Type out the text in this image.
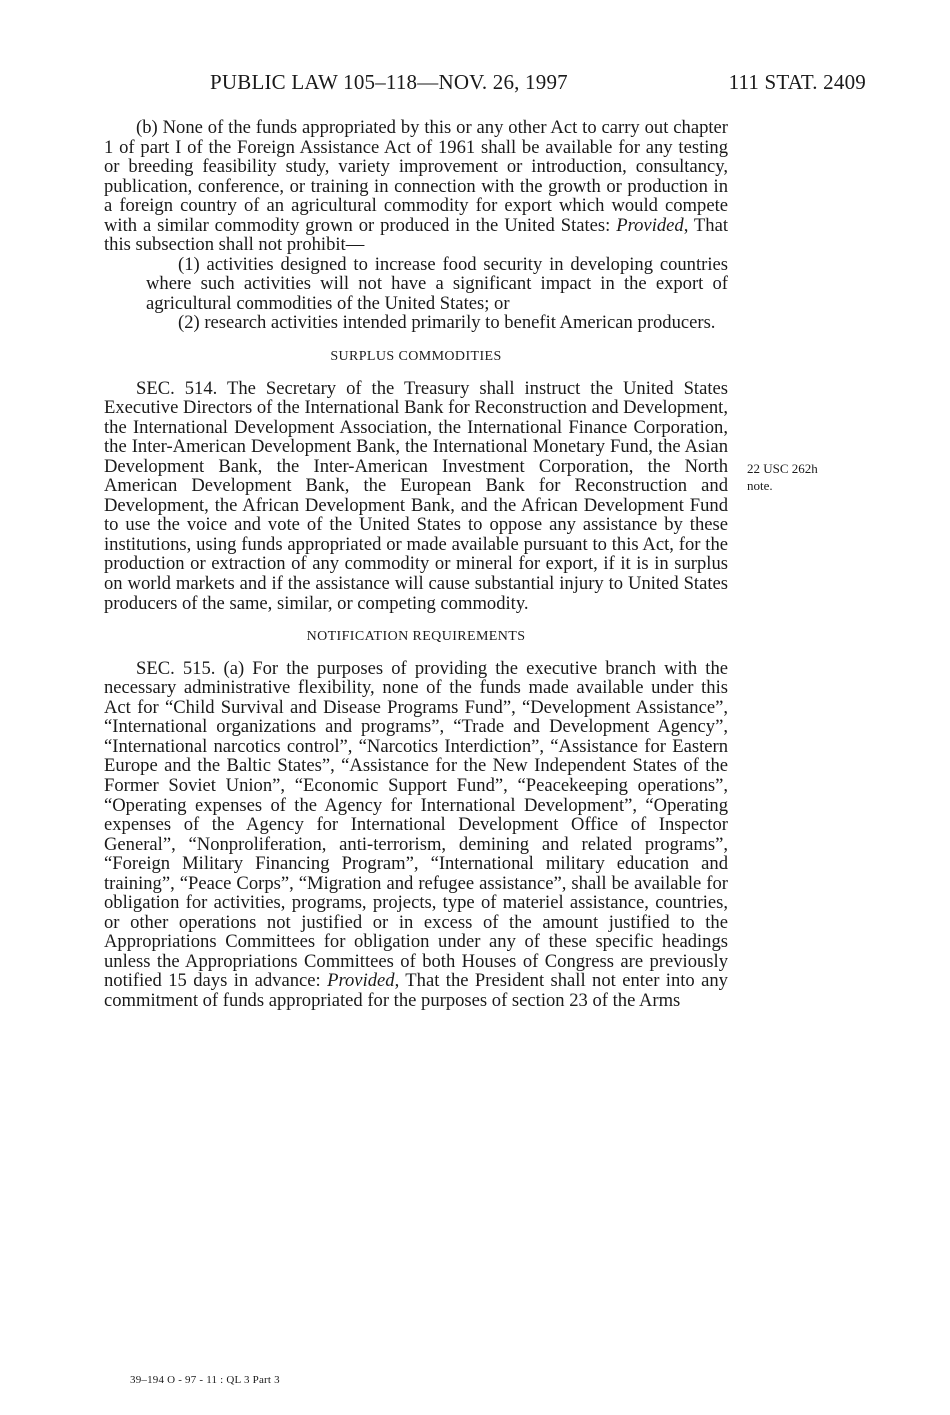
PUBLIC LAW 105–118—NOV. 26, 1997	111 STAT. 2409

(b) None of the funds appropriated by this or any other Act to carry out chapter 1 of part I of the Foreign Assistance Act of 1961 shall be available for any testing or breeding feasibility study, variety improvement or introduction, consultancy, publication, conference, or training in connection with the growth or production in a foreign country of an agricultural commodity for export which would compete with a similar commodity grown or produced in the United States: Provided, That this subsection shall not prohibit—

(1) activities designed to increase food security in developing countries where such activities will not have a significant impact in the export of agricultural commodities of the United States; or

(2) research activities intended primarily to benefit American producers.

SURPLUS COMMODITIES

SEC. 514. The Secretary of the Treasury shall instruct the United States Executive Directors of the International Bank for Reconstruction and Development, the International Development Association, the International Finance Corporation, the Inter-American Development Bank, the International Monetary Fund, the Asian Development Bank, the Inter-American Investment Corporation, the North American Development Bank, the European Bank for Reconstruction and Development, the African Development Bank, and the African Development Fund to use the voice and vote of the United States to oppose any assistance by these institutions, using funds appropriated or made available pursuant to this Act, for the production or extraction of any commodity or mineral for export, if it is in surplus on world markets and if the assistance will cause substantial injury to United States producers of the same, similar, or competing commodity.

NOTIFICATION REQUIREMENTS

SEC. 515. (a) For the purposes of providing the executive branch with the necessary administrative flexibility, none of the funds made available under this Act for “Child Survival and Disease Programs Fund”, “Development Assistance”, “International organizations and programs”, “Trade and Development Agency”, “International narcotics control”, “Narcotics Interdiction”, “Assistance for Eastern Europe and the Baltic States”, “Assistance for the New Independent States of the Former Soviet Union”, “Economic Support Fund”, “Peacekeeping operations”, “Operating expenses of the Agency for International Development”, “Operating expenses of the Agency for International Development Office of Inspector General”, “Nonproliferation, anti-terrorism, demining and related programs”, “Foreign Military Financing Program”, “International military education and training”, “Peace Corps”, “Migration and refugee assistance”, shall be available for obligation for activities, programs, projects, type of materiel assistance, countries, or other operations not justified or in excess of the amount justified to the Appropriations Committees for obligation under any of these specific headings unless the Appropriations Committees of both Houses of Congress are previously notified 15 days in advance: Provided, That the President shall not enter into any commitment of funds appropriated for the purposes of section 23 of the Arms

22 USC 262h
note.
39–194 O - 97 - 11 : QL 3 Part 3
